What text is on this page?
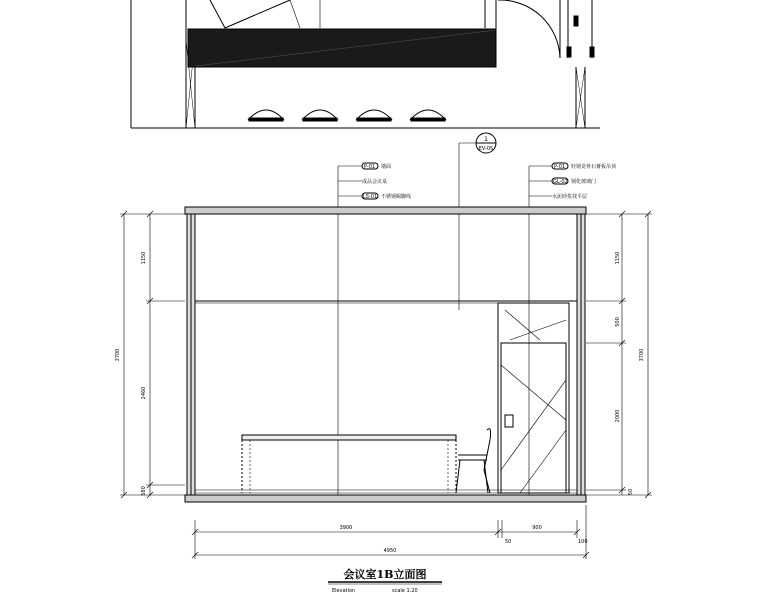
1
EV-05
P-01 墙面
成品会议桌
LS-01 不锈钢踢脚线
P-01 轻钢龙骨石膏板吊顶
GL-02 钢化玻璃门
水泥砂浆找平层
1150
2460
580
3700
1150
500
2000
50
3700
3900	900
50	100
4950
会议室1B立面图
Elevation	scale 1:20
